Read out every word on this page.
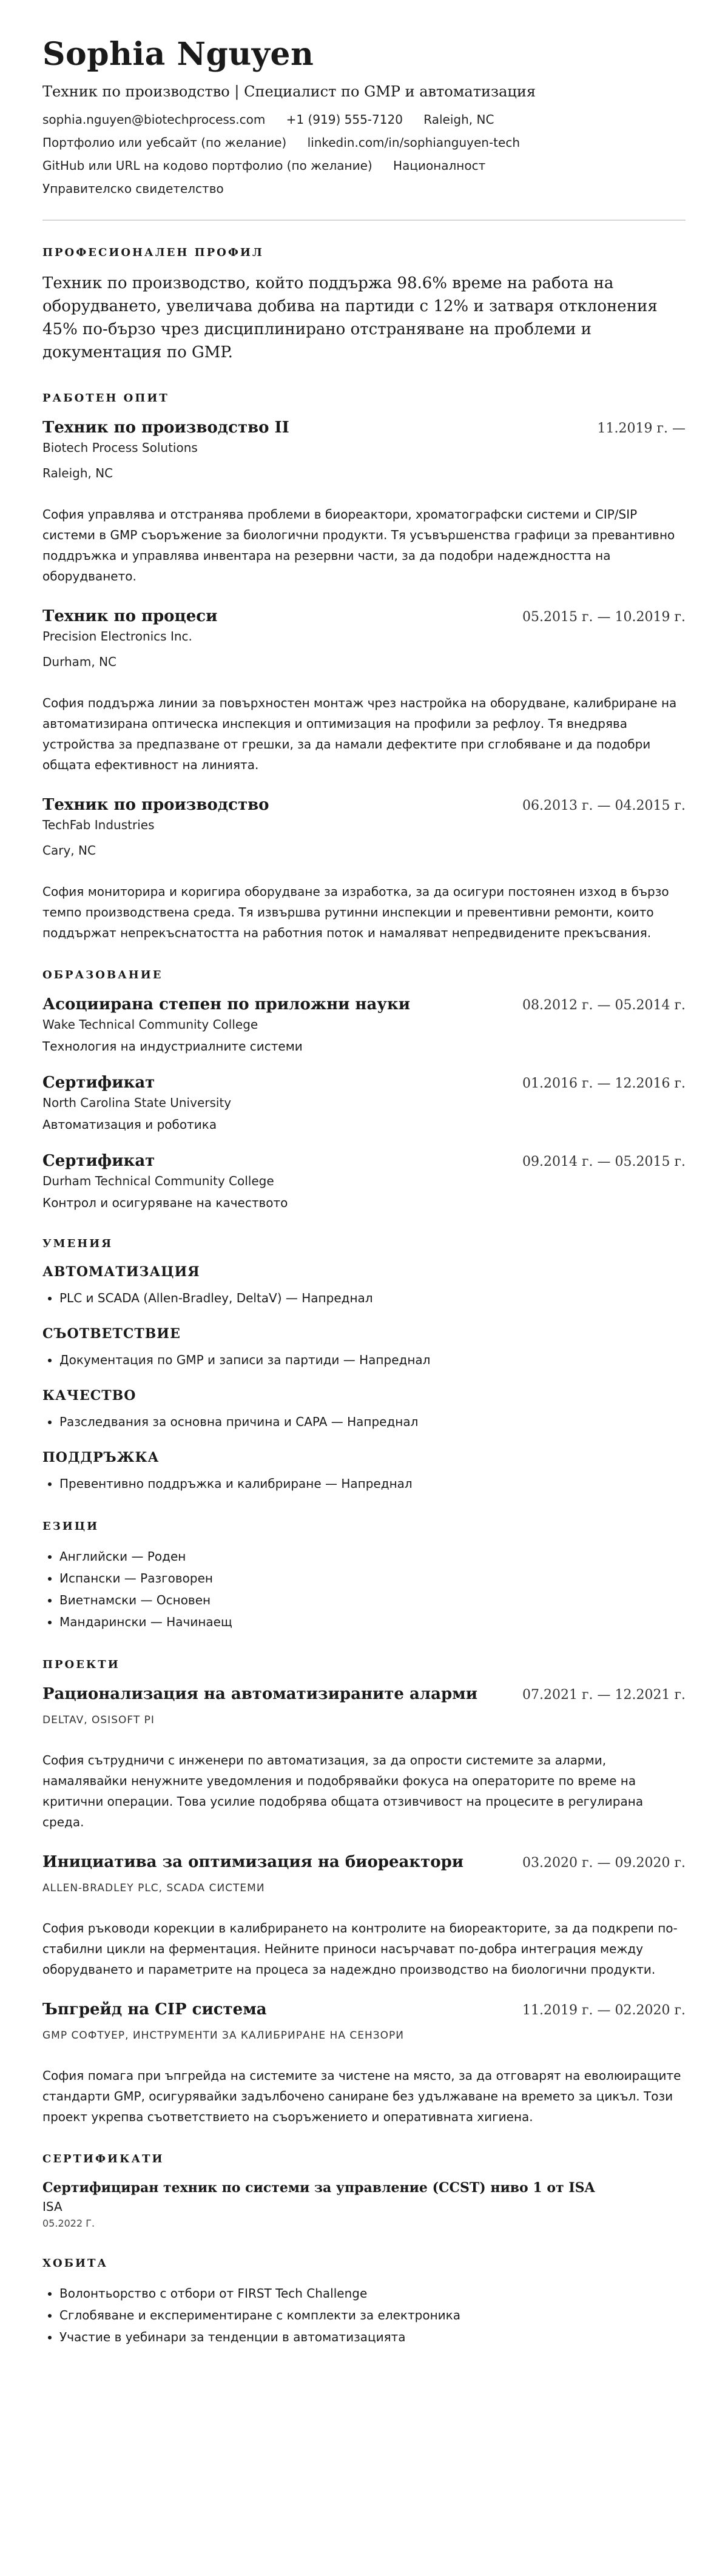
Sophia Nguyen
Техник по производство | Специалист по GMP и автоматизация
sophia.nguyen@biotechprocess.com +1 (919) 555-7120 Raleigh, NC
Портфолио или уебсайт (по желание) linkedin.com/in/sophianguyen-tech
GitHub или URL на кодово портфолио (по желание) Националност
Управителско свидетелство
ПРОФЕСИОНАЛЕН ПРОФИЛ

Техник по производство, който поддържа 98.6% време на работа на оборудването, увеличава добива на партиди с 12% и затваря отклонения 45% по-бързо чрез дисциплинирано отстраняване на проблеми и документация по GMP.

РАБОТЕН ОПИТ
Техник по производство II	11.2019 г. —
Biotech Process Solutions
Raleigh, NC
София управлява и отстранява проблеми в биореактори, хроматографски системи и CIP/SIP системи в GMP съоръжение за биологични продукти. Тя усъвършенства графици за превантивно поддръжка и управлява инвентара на резервни части, за да подобри надеждността на оборудването.
Техник по процеси	05.2015 г. — 10.2019 г.
Precision Electronics Inc.
Durham, NC
София поддържа линии за повърхностен монтаж чрез настройка на оборудване, калибриране на автоматизирана оптическа инспекция и оптимизация на профили за рефлоу. Тя внедрява устройства за предпазване от грешки, за да намали дефектите при сглобяване и да подобри общата ефективност на линията.
Техник по производство	06.2013 г. — 04.2015 г.
TechFab Industries
Cary, NC
София мониторира и коригира оборудване за изработка, за да осигури постоянен изход в бързо темпо производствена среда. Тя извършва рутинни инспекции и превентивни ремонти, които поддържат непрекъснатостта на работния поток и намаляват непредвидените прекъсвания.
ОБРАЗОВАНИЕ
Асоциирана степен по приложни науки	08.2012 г. — 05.2014 г.
Wake Technical Community College
Технология на индустриалните системи
Сертификат	01.2016 г. — 12.2016 г.
North Carolina State University
Автоматизация и роботика
Сертификат	09.2014 г. — 05.2015 г.
Durham Technical Community College
Контрол и осигуряване на качеството
УМЕНИЯ
АВТОМАТИЗАЦИЯ
• PLC и SCADA (Allen-Bradley, DeltaV) — Напреднал
СЪОТВЕТСТВИЕ
• Документация по GMP и записи за партиди — Напреднал
КАЧЕСТВО
• Разследвания за основна причина и CAPA — Напреднал
ПОДДРЪЖКА
• Превентивно поддръжка и калибриране — Напреднал
ЕЗИЦИ
• Английски — Роден
• Испански — Разговорен
• Виетнамски — Основен
• Мандарински — Начинаещ
ПРОЕКТИ
Рационализация на автоматизираните аларми	07.2021 г. — 12.2021 г.
DELTAV, OSISOFT PI
София сътрудничи с инженери по автоматизация, за да опрости системите за аларми, намалявайки ненужните уведомления и подобрявайки фокуса на операторите по време на критични операции. Това усилие подобрява общата отзивчивост на процесите в регулирана среда.
Инициатива за оптимизация на биореактори	03.2020 г. — 09.2020 г.
ALLEN-BRADLEY PLC, SCADA СИСТЕМИ
София ръководи корекции в калибрирането на контролите на биореакторите, за да подкрепи по-стабилни цикли на ферментация. Нейните приноси насърчават по-добра интеграция между оборудването и параметрите на процеса за надеждно производство на биологични продукти.
Ъпгрейд на CIP система	11.2019 г. — 02.2020 г.
GMP СОФТУЕР, ИНСТРУМЕНТИ ЗА КАЛИБРИРАНЕ НА СЕНЗОРИ
София помага при ъпгрейда на системите за чистене на място, за да отговарят на еволюиращите стандарти GMP, осигурявайки задълбочено саниране без удължаване на времето за цикъл. Този проект укрепва съответствието на съоръжението и оперативната хигиена.
СЕРТИФИКАТИ
Сертифициран техник по системи за управление (CCST) ниво 1 от ISA
ISA
05.2022 Г.
ХОБИТА
• Волонтьорство с отбори от FIRST Tech Challenge
• Сглобяване и експериментиране с комплекти за електроника
• Участие в уебинари за тенденции в автоматизацията
